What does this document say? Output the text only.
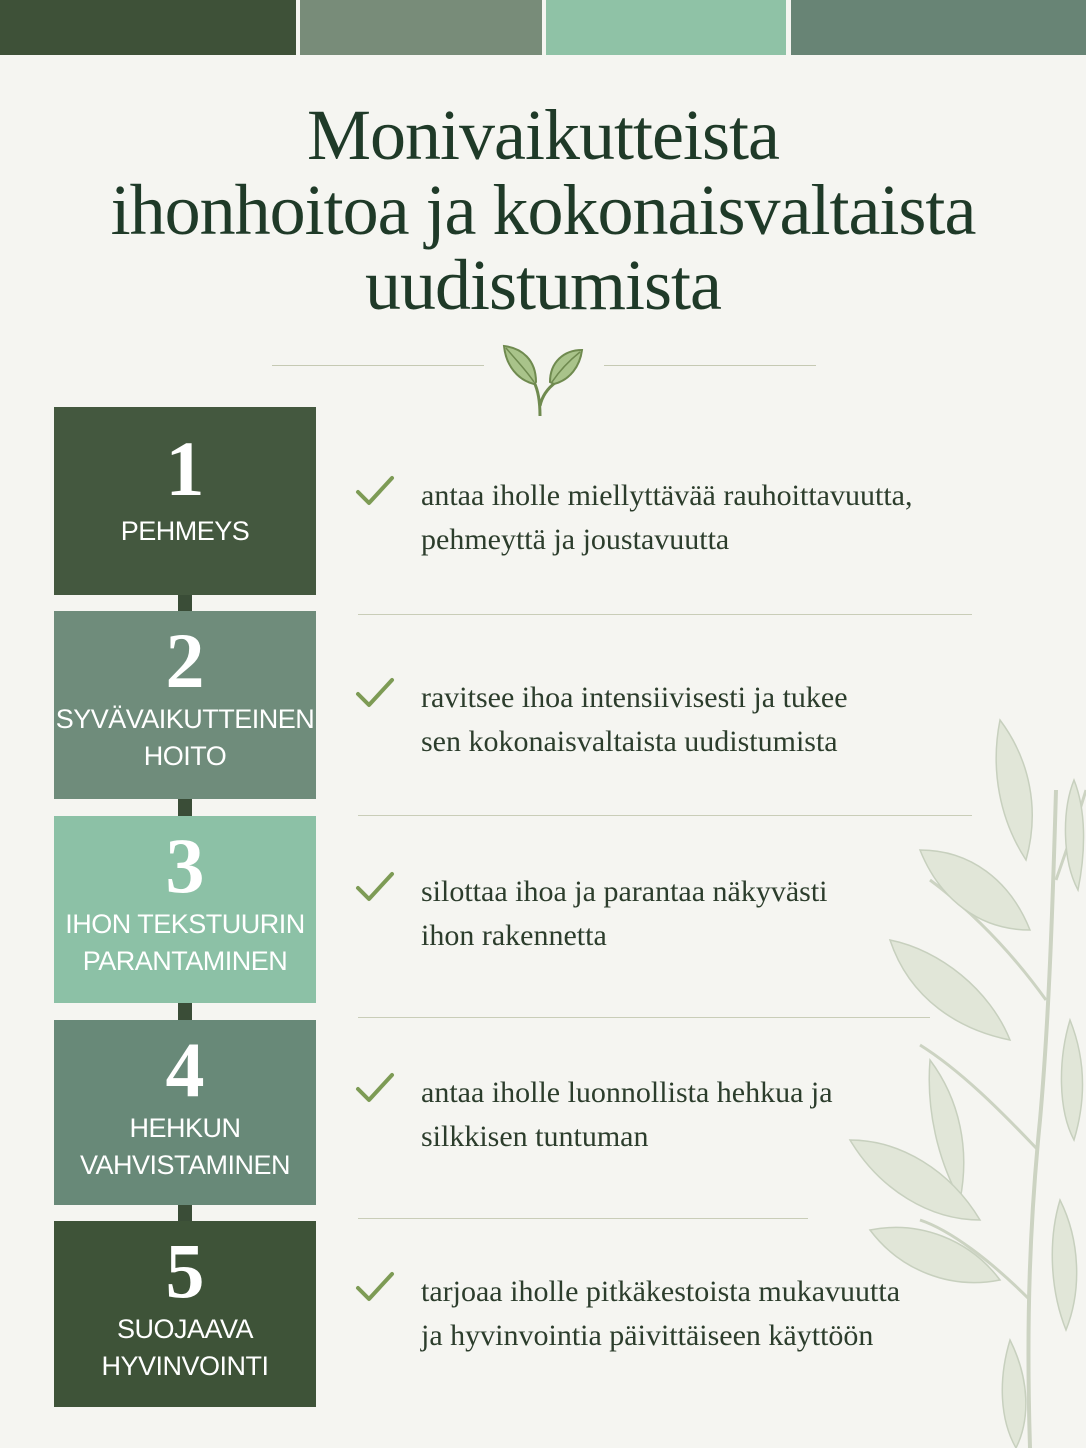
Monivaikutteista
ihonhoitoa ja kokonaisvaltaista
uudistumista
1
PEHMEYS
2
SYVÄVAIKUTTEINEN
HOITO
3
IHON TEKSTUURIN
PARANTAMINEN
4
HEHKUN
VAHVISTAMINEN
5
SUOJAAVA
HYVINVOINTI
antaa iholle miellyttävää rauhoittavuutta,
pehmeyttä ja joustavuutta
ravitsee ihoa intensiivisesti ja tukee
sen kokonaisvaltaista uudistumista
silottaa ihoa ja parantaa näkyvästi
ihon rakennetta
antaa iholle luonnollista hehkua ja
silkkisen tuntuman
tarjoaa iholle pitkäkestoista mukavuutta
ja hyvinvointia päivittäiseen käyttöön
